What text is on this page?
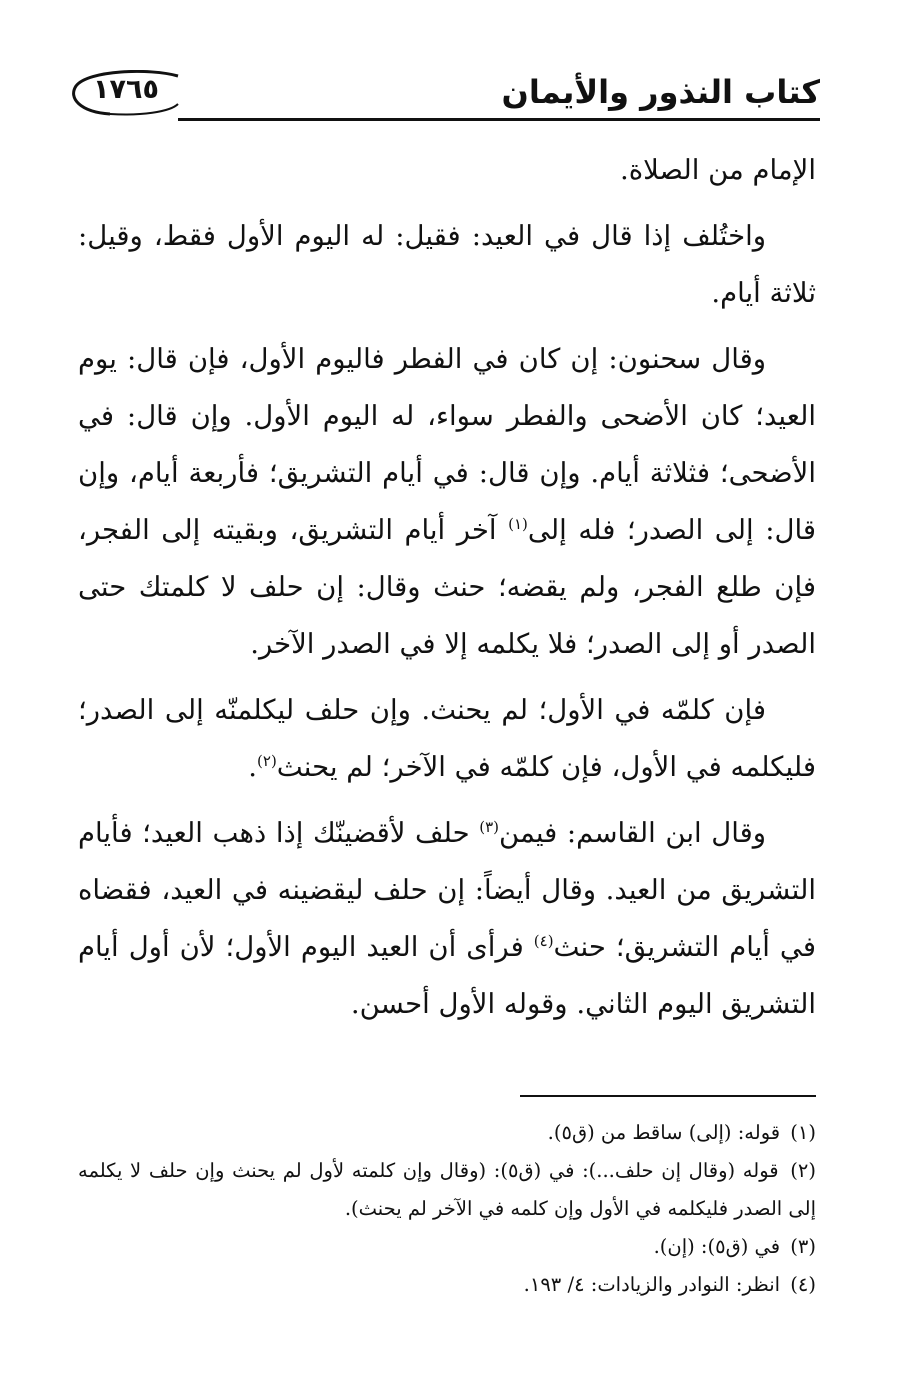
١٧٦٥	كتاب النذور والأيمان

الإمام من الصلاة.

واختُلف إذا قال في العيد: فقيل: له اليوم الأول فقط، وقيل: ثلاثة أيام.

وقال سحنون: إن كان في الفطر فاليوم الأول، فإن قال: يوم العيد؛ كان الأضحى والفطر سواء، له اليوم الأول. وإن قال: في الأضحى؛ فثلاثة أيام. وإن قال: في أيام التشريق؛ فأربعة أيام، وإن قال: إلى الصدر؛ فله إلى$^{(١)}$ آخر أيام التشريق، وبقيته إلى الفجر، فإن طلع الفجر، ولم يقضه؛ حنث وقال: إن حلف لا كلمتك حتى الصدر أو إلى الصدر؛ فلا يكلمه إلا في الصدر الآخر.

فإن كلمّه في الأول؛ لم يحنث. وإن حلف ليكلمنّه إلى الصدر؛ فليكلمه في الأول، فإن كلمّه في الآخر؛ لم يحنث$^{(٢)}$.

وقال ابن القاسم: فيمن$^{(٣)}$ حلف لأقضينّك إذا ذهب العيد؛ فأيام التشريق من العيد. وقال أيضاً: إن حلف ليقضينه في العيد، فقضاه في أيام التشريق؛ حنث$^{(٤)}$ فرأى أن العيد اليوم الأول؛ لأن أول أيام التشريق اليوم الثاني. وقوله الأول أحسن.

(١) قوله: (إلى) ساقط من (ق٥).

(٢) قوله (وقال إن حلف...): في (ق٥): (وقال وإن كلمته لأول لم يحنث وإن حلف لا يكلمه إلى الصدر فليكلمه في الأول وإن كلمه في الآخر لم يحنث).

(٣) في (ق٥): (إن).

(٤) انظر: النوادر والزيادات: ٤/ ١٩٣.
